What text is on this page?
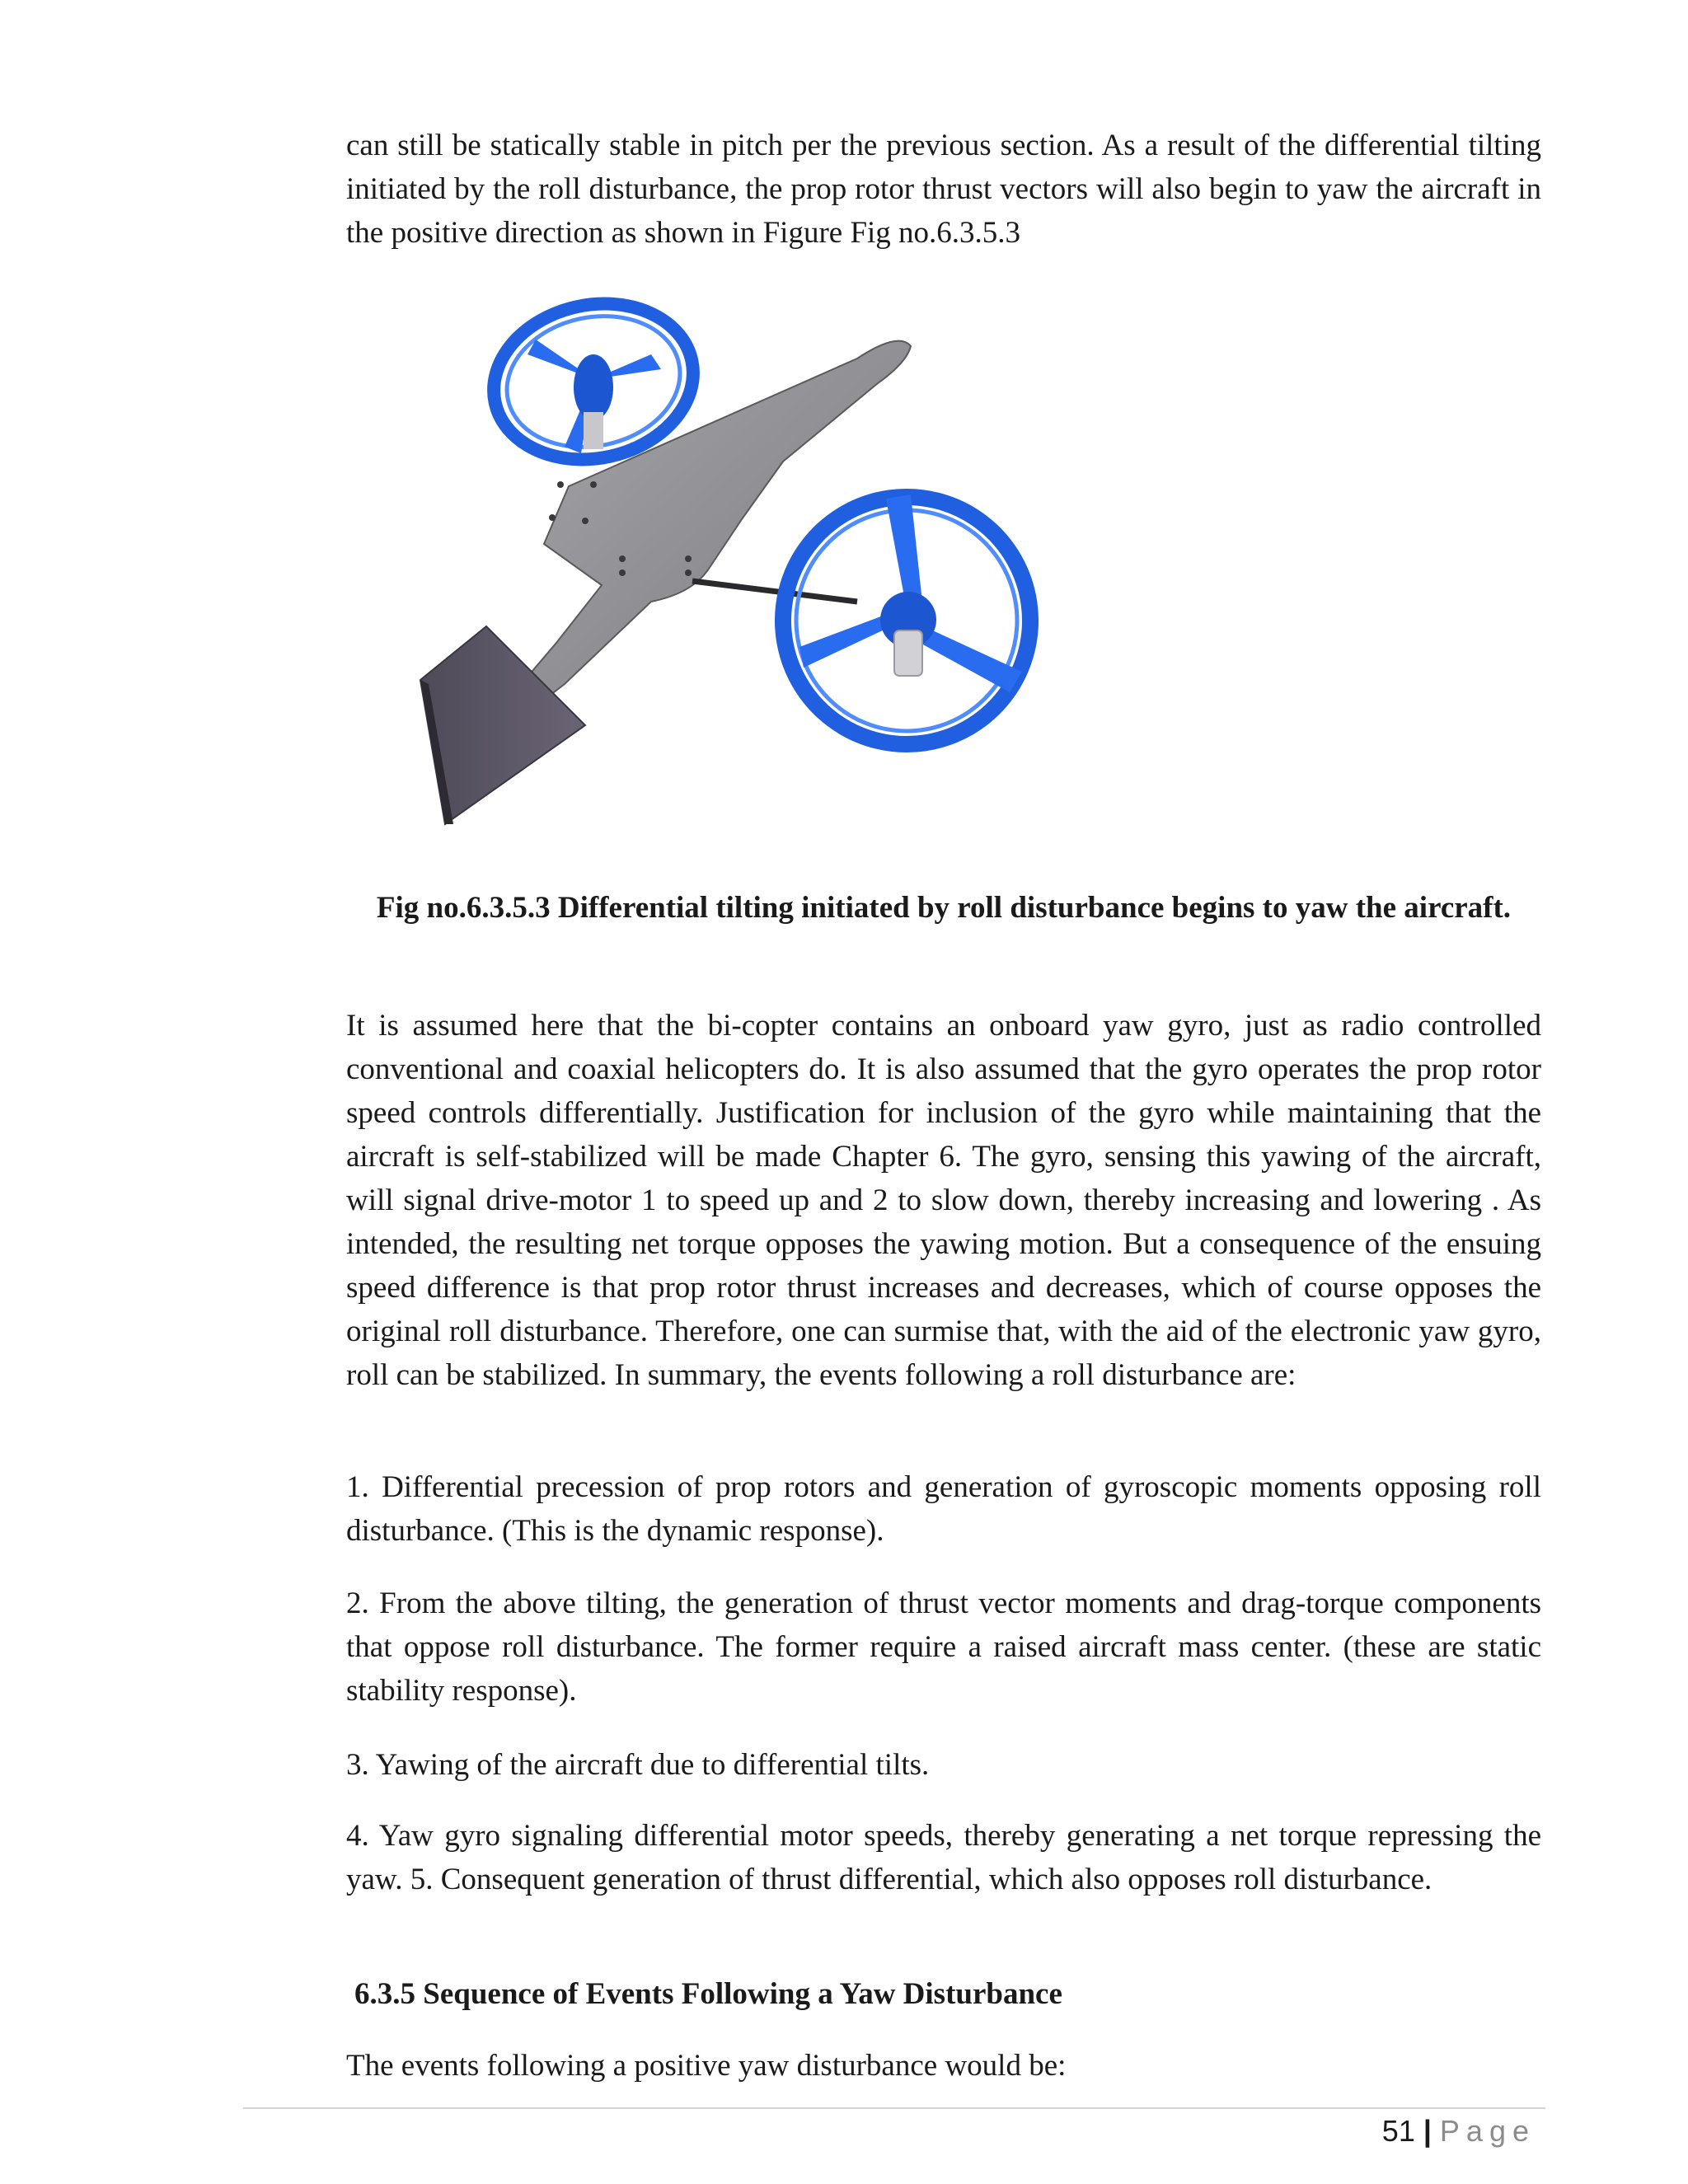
can still be statically stable in pitch per the previous section. As a result of the differential tilting initiated by the roll disturbance, the prop rotor thrust vectors will also begin to yaw the aircraft in the positive direction as shown in Figure Fig no.6.3.5.3

Fig no.6.3.5.3 Differential tilting initiated by roll disturbance begins to yaw the aircraft.

It is assumed here that the bi-copter contains an onboard yaw gyro, just as radio controlled conventional and coaxial helicopters do. It is also assumed that the gyro operates the prop rotor speed controls differentially. Justification for inclusion of the gyro while maintaining that the aircraft is self-stabilized will be made Chapter 6. The gyro, sensing this yawing of the aircraft, will signal drive-motor 1 to speed up and 2 to slow down, thereby increasing and lowering . As intended, the resulting net torque opposes the yawing motion. But a consequence of the ensuing speed difference is that prop rotor thrust increases and decreases, which of course opposes the original roll disturbance. Therefore, one can surmise that, with the aid of the electronic yaw gyro, roll can be stabilized. In summary, the events following a roll disturbance are:

1. Differential precession of prop rotors and generation of gyroscopic moments opposing roll disturbance. (This is the dynamic response).

2. From the above tilting, the generation of thrust vector moments and drag-torque components that oppose roll disturbance. The former require a raised aircraft mass center. (these are static stability response).

3. Yawing of the aircraft due to differential tilts.

4. Yaw gyro signaling differential motor speeds, thereby generating a net torque repressing the yaw. 5. Consequent generation of thrust differential, which also opposes roll disturbance.

6.3.5 Sequence of Events Following a Yaw Disturbance

The events following a positive yaw disturbance would be:

51 | Page
